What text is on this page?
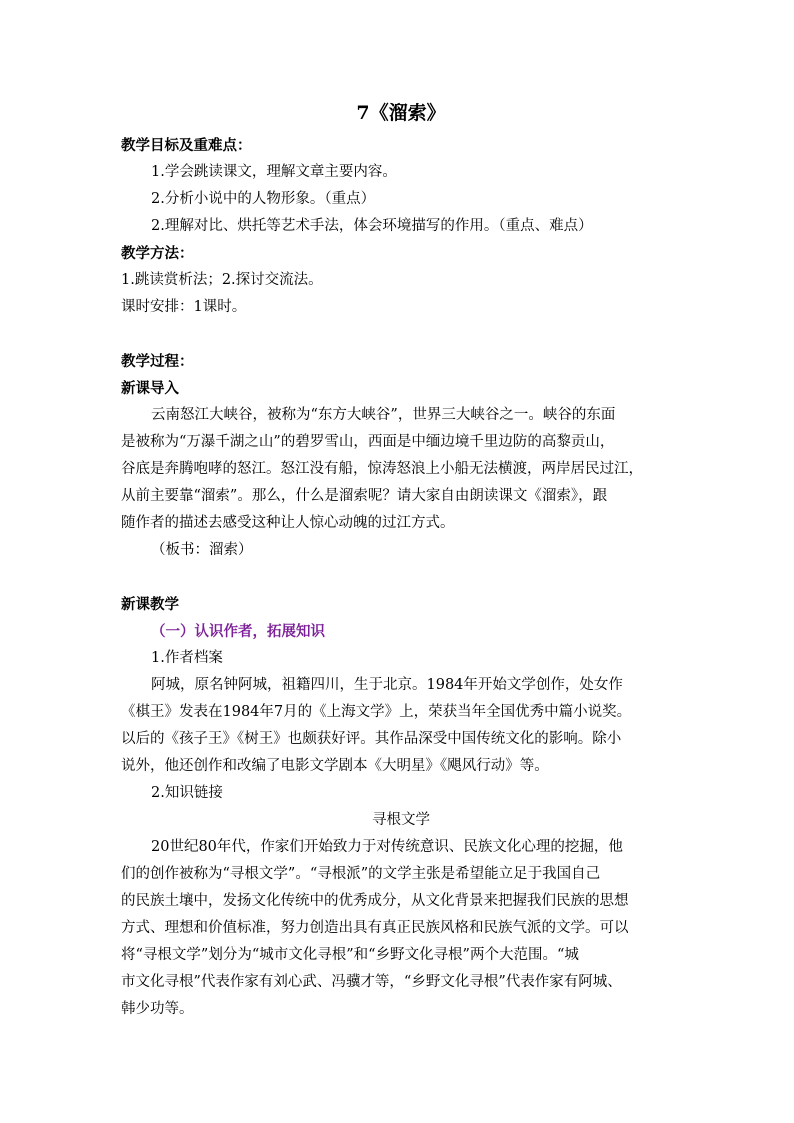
7《溜索》
教学目标及重难点：
1.学会跳读课文，理解文章主要内容。
2.分析小说中的人物形象。（重点）
2.理解对比、烘托等艺术手法，体会环境描写的作用。（重点、难点）
教学方法：
1.跳读赏析法；2.探讨交流法。
课时安排：1课时。
教学过程：
新课导入
云南怒江大峡谷，被称为“东方大峡谷”，世界三大峡谷之一。峡谷的东面
是被称为“万瀑千湖之山”的碧罗雪山，西面是中缅边境千里边防的高黎贡山，
谷底是奔腾咆哮的怒江。怒江没有船，惊涛怒浪上小船无法横渡，两岸居民过江，
从前主要靠“溜索”。那么，什么是溜索呢？请大家自由朗读课文《溜索》，跟
随作者的描述去感受这种让人惊心动魄的过江方式。
（板书：溜索）
新课教学
（一）认识作者，拓展知识
1.作者档案
阿城，原名钟阿城，祖籍四川，生于北京。1984年开始文学创作，处女作
《棋王》发表在1984年7月的《上海文学》上，荣获当年全国优秀中篇小说奖。
以后的《孩子王》《树王》也颇获好评。其作品深受中国传统文化的影响。除小
说外，他还创作和改编了电影文学剧本《大明星》《飓风行动》等。
2.知识链接
寻根文学
20世纪80年代，作家们开始致力于对传统意识、民族文化心理的挖掘，他
们的创作被称为“寻根文学”。“寻根派”的文学主张是希望能立足于我国自己
的民族土壤中，发扬文化传统中的优秀成分，从文化背景来把握我们民族的思想
方式、理想和价值标准，努力创造出具有真正民族风格和民族气派的文学。可以
将“寻根文学”划分为“城市文化寻根”和“乡野文化寻根”两个大范围。“城
市文化寻根”代表作家有刘心武、冯骥才等，“乡野文化寻根”代表作家有阿城、
韩少功等。
